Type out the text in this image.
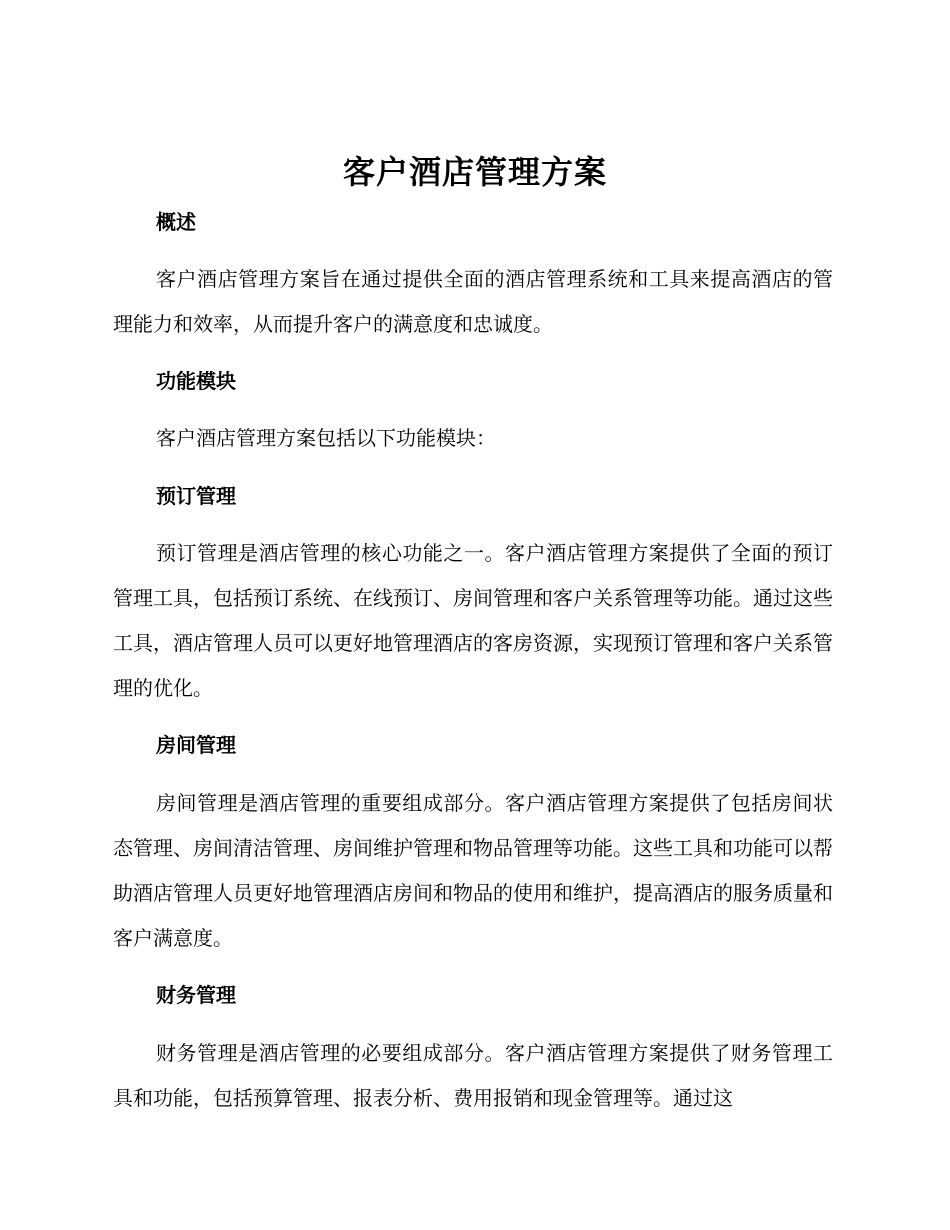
客户酒店管理方案
概述
客户酒店管理方案旨在通过提供全面的酒店管理系统和工具来提高酒店的管理能力和效率，从而提升客户的满意度和忠诚度。
功能模块
客户酒店管理方案包括以下功能模块：
预订管理
预订管理是酒店管理的核心功能之一。客户酒店管理方案提供了全面的预订管理工具，包括预订系统、在线预订、房间管理和客户关系管理等功能。通过这些工具，酒店管理人员可以更好地管理酒店的客房资源，实现预订管理和客户关系管理的优化。
房间管理
房间管理是酒店管理的重要组成部分。客户酒店管理方案提供了包括房间状态管理、房间清洁管理、房间维护管理和物品管理等功能。这些工具和功能可以帮助酒店管理人员更好地管理酒店房间和物品的使用和维护，提高酒店的服务质量和客户满意度。
财务管理
财务管理是酒店管理的必要组成部分。客户酒店管理方案提供了财务管理工具和功能，包括预算管理、报表分析、费用报销和现金管理等。通过这
